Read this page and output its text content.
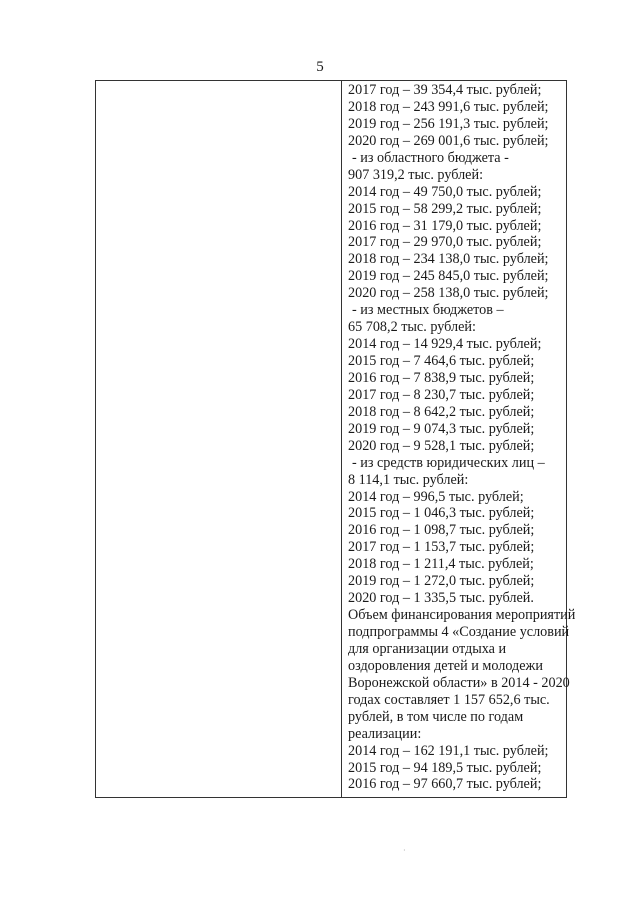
5
2017 год – 39 354,4 тыс. рублей;
2018 год – 243 991,6 тыс. рублей;
2019 год – 256 191,3 тыс. рублей;
2020 год – 269 001,6 тыс. рублей;
- из областного бюджета -
907 319,2 тыс. рублей:
2014 год – 49 750,0 тыс. рублей;
2015 год – 58 299,2 тыс. рублей;
2016 год – 31 179,0 тыс. рублей;
2017 год – 29 970,0 тыс. рублей;
2018 год – 234 138,0 тыс. рублей;
2019 год – 245 845,0 тыс. рублей;
2020 год – 258 138,0 тыс. рублей;
- из местных бюджетов –
65 708,2 тыс. рублей:
2014 год – 14 929,4 тыс. рублей;
2015 год – 7 464,6 тыс. рублей;
2016 год – 7 838,9 тыс. рублей;
2017 год – 8 230,7 тыс. рублей;
2018 год – 8 642,2 тыс. рублей;
2019 год – 9 074,3 тыс. рублей;
2020 год – 9 528,1 тыс. рублей;
- из средств юридических лиц –
8 114,1 тыс. рублей:
2014 год – 996,5 тыс. рублей;
2015 год – 1 046,3 тыс. рублей;
2016 год – 1 098,7 тыс. рублей;
2017 год – 1 153,7 тыс. рублей;
2018 год – 1 211,4 тыс. рублей;
2019 год – 1 272,0 тыс. рублей;
2020 год – 1 335,5 тыс. рублей.
Объем финансирования мероприятий
подпрограммы 4 «Создание условий
для организации отдыха и
оздоровления детей и молодежи
Воронежской области» в 2014 - 2020
годах составляет 1 157 652,6 тыс.
рублей, в том числе по годам
реализации:
2014 год – 162 191,1 тыс. рублей;
2015 год – 94 189,5 тыс. рублей;
2016 год – 97 660,7 тыс. рублей;
·
